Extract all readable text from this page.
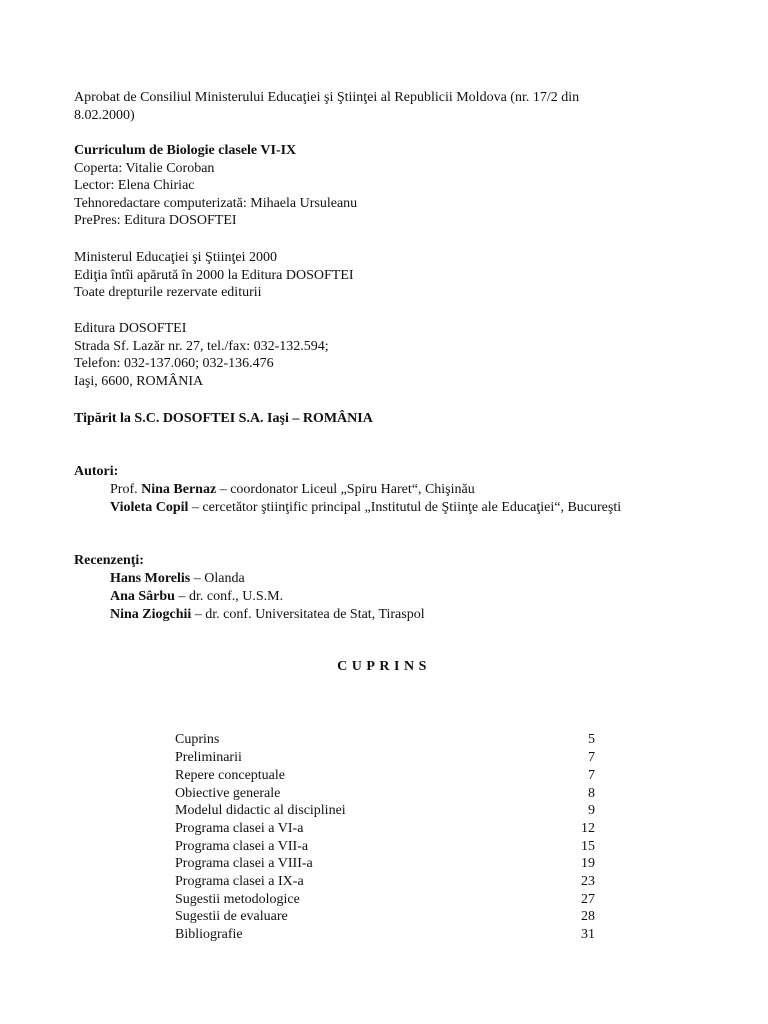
Aprobat de Consiliul Ministerului Educaţiei şi Ştiinţei al Republicii Moldova (nr. 17/2 din
8.02.2000)
Curriculum de Biologie clasele VI-IX
Coperta: Vitalie Coroban
Lector: Elena Chiriac
Tehnoredactare computerizată: Mihaela Ursuleanu
PrePres: Editura DOSOFTEI
Ministerul Educaţiei şi Ştiinţei 2000
Ediţia întîi apărută în 2000 la Editura DOSOFTEI
Toate drepturile rezervate editurii
Editura DOSOFTEI
Strada Sf. Lazăr nr. 27, tel./fax: 032-132.594;
Telefon: 032-137.060; 032-136.476
Iaşi, 6600, ROMÂNIA
Tipărit la S.C. DOSOFTEI S.A. Iaşi – ROMÂNIA
Autori:
Prof. Nina Bernaz – coordonator Liceul „Spiru Haret“, Chişinău
Violeta Copil – cercetător ştiinţific principal „Institutul de Ştiinţe ale Educaţiei“, Bucureşti
Recenzenţi:
Hans Morelis – Olanda
Ana Sârbu – dr. conf., U.S.M.
Nina Ziogchii – dr. conf. Universitatea de Stat, Tiraspol
CUPRINS
Cuprins	5
Preliminarii	7
Repere conceptuale	7
Obiective generale	8
Modelul didactic al disciplinei	9
Programa clasei a VI-a	12
Programa clasei a VII-a	15
Programa clasei a VIII-a	19
Programa clasei a IX-a	23
Sugestii metodologice	27
Sugestii de evaluare	28
Bibliografie	31
